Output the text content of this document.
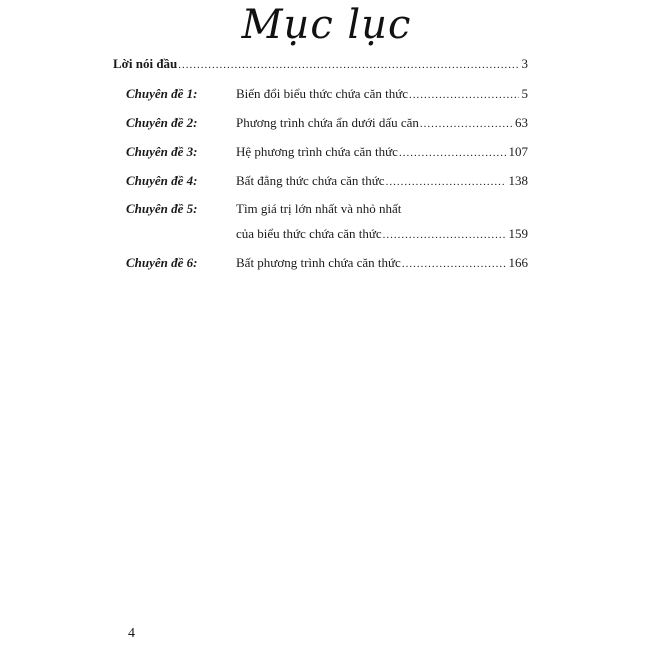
Mục lục
Lời nói đầu .....	3
Chuyên đề 1:	Biến đổi biểu thức chứa căn thức .....	5
Chuyên đề 2:	Phương trình chứa ẩn dưới dấu căn .....	63
Chuyên đề 3:	Hệ phương trình chứa căn thức .....	107
Chuyên đề 4:	Bất đẳng thức chứa căn thức .....	138
Chuyên đề 5:	Tìm giá trị lớn nhất và nhỏ nhất
của biểu thức chứa căn thức .....	159
Chuyên đề 6:	Bất phương trình chứa căn thức .....	166
4
